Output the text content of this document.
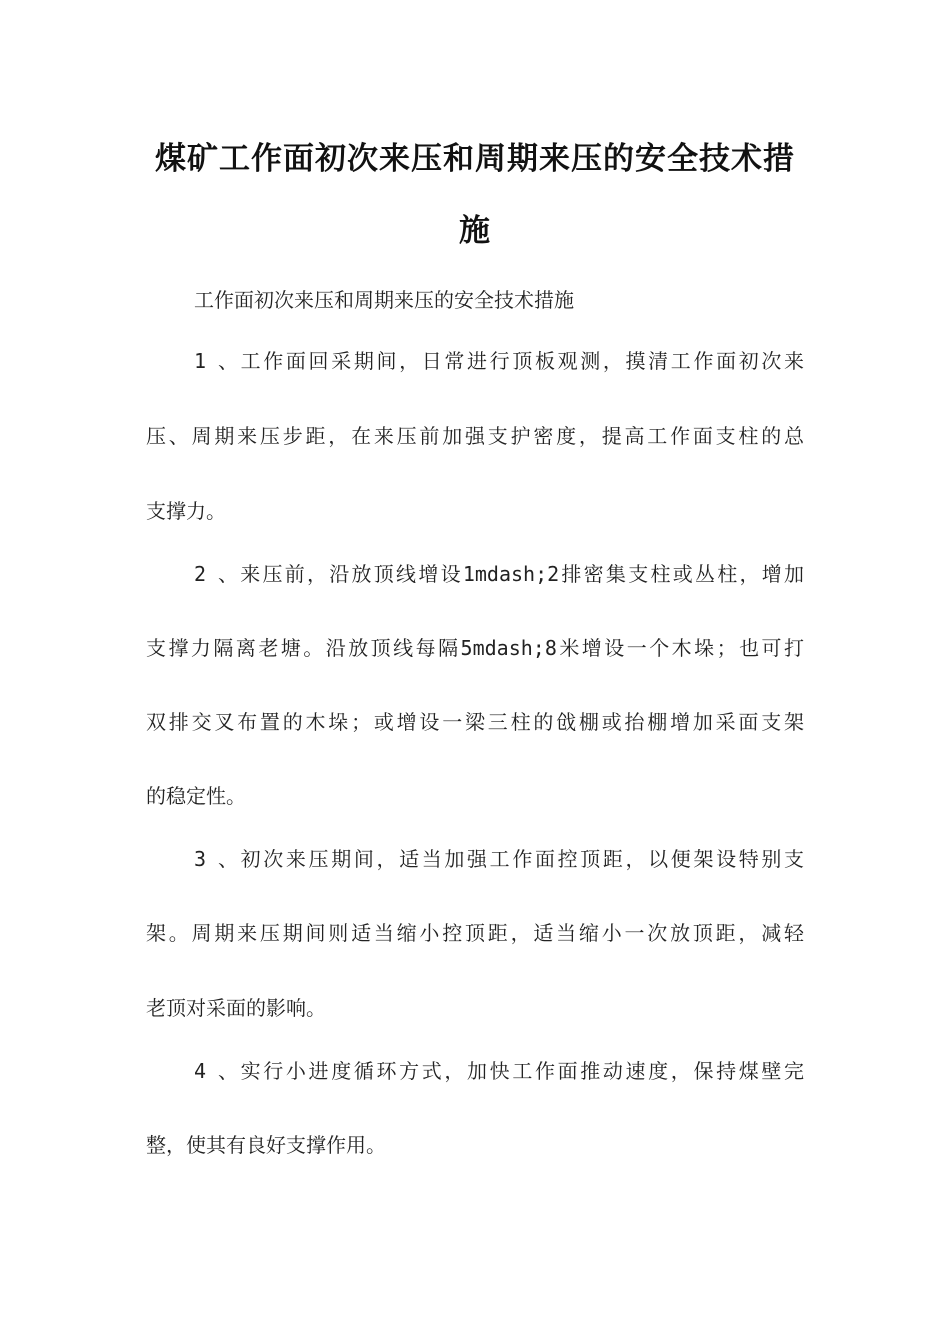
煤矿工作面初次来压和周期来压的安全技术措
施

工作面初次来压和周期来压的安全技术措施

1、工作面回采期间，日常进行顶板观测，摸清工作面初次来

压、周期来压步距，在来压前加强支护密度，提高工作面支柱的总

支撑力。

2、来压前，沿放顶线增设1mdash;2排密集支柱或丛柱，增加

支撑力隔离老塘。沿放顶线每隔5mdash;8米增设一个木垛；也可打

双排交叉布置的木垛；或增设一梁三柱的戗棚或抬棚增加采面支架

的稳定性。

3、初次来压期间，适当加强工作面控顶距，以便架设特别支

架。周期来压期间则适当缩小控顶距，适当缩小一次放顶距，减轻

老顶对采面的影响。

4、实行小进度循环方式，加快工作面推动速度，保持煤壁完

整，使其有良好支撑作用。
